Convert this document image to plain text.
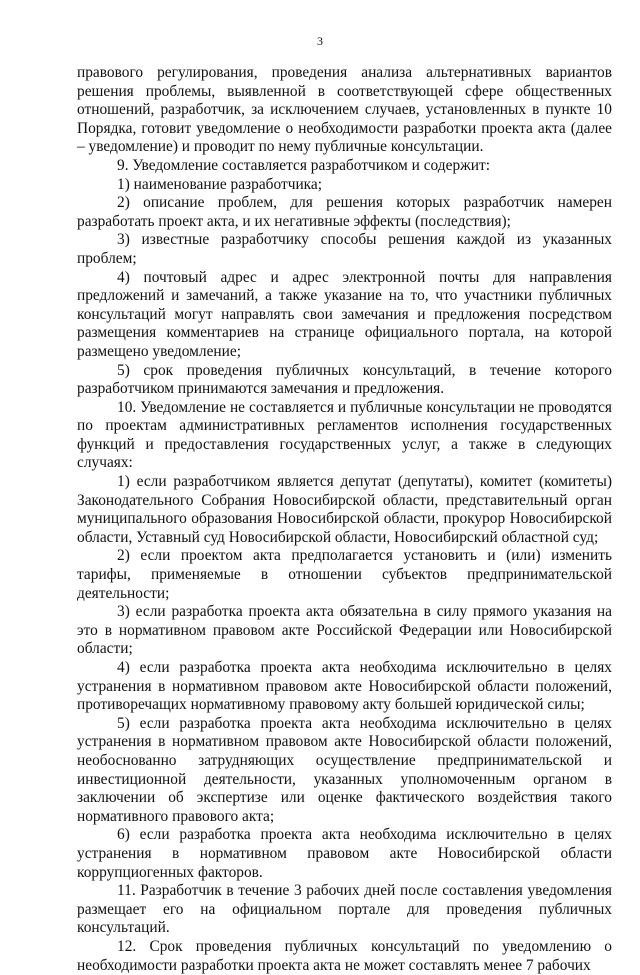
3

правового регулирования, проведения анализа альтернативных вариантов решения проблемы, выявленной в соответствующей сфере общественных отношений, разработчик, за исключением случаев, установленных в пункте 10 Порядка, готовит уведомление о необходимости разработки проекта акта (далее – уведомление) и проводит по нему публичные консультации.

9. Уведомление составляется разработчиком и содержит:

1) наименование разработчика;

2) описание проблем, для решения которых разработчик намерен разработать проект акта, и их негативные эффекты (последствия);

3) известные разработчику способы решения каждой из указанных проблем;

4) почтовый адрес и адрес электронной почты для направления предложений и замечаний, а также указание на то, что участники публичных консультаций могут направлять свои замечания и предложения посредством размещения комментариев на странице официального портала, на которой размещено уведомление;

5) срок проведения публичных консультаций, в течение которого разработчиком принимаются замечания и предложения.

10. Уведомление не составляется и публичные консультации не проводятся по проектам административных регламентов исполнения государственных функций и предоставления государственных услуг, а также в следующих случаях:

1) если разработчиком является депутат (депутаты), комитет (комитеты) Законодательного Собрания Новосибирской области, представительный орган муниципального образования Новосибирской области, прокурор Новосибирской области, Уставный суд Новосибирской области, Новосибирский областной суд;

2) если проектом акта предполагается установить и (или) изменить тарифы, применяемые в отношении субъектов предпринимательской деятельности;

3) если разработка проекта акта обязательна в силу прямого указания на это в нормативном правовом акте Российской Федерации или Новосибирской области;

4) если разработка проекта акта необходима исключительно в целях устранения в нормативном правовом акте Новосибирской области положений, противоречащих нормативному правовому акту большей юридической силы;

5) если разработка проекта акта необходима исключительно в целях устранения в нормативном правовом акте Новосибирской области положений, необоснованно затрудняющих осуществление предпринимательской и инвестиционной деятельности, указанных уполномоченным органом в заключении об экспертизе или оценке фактического воздействия такого нормативного правового акта;

6) если разработка проекта акта необходима исключительно в целях устранения в нормативном правовом акте Новосибирской области коррупциогенных факторов.

11. Разработчик в течение 3 рабочих дней после составления уведомления размещает его на официальном портале для проведения публичных консультаций.

12. Срок проведения публичных консультаций по уведомлению о необходимости разработки проекта акта не может составлять менее 7 рабочих
